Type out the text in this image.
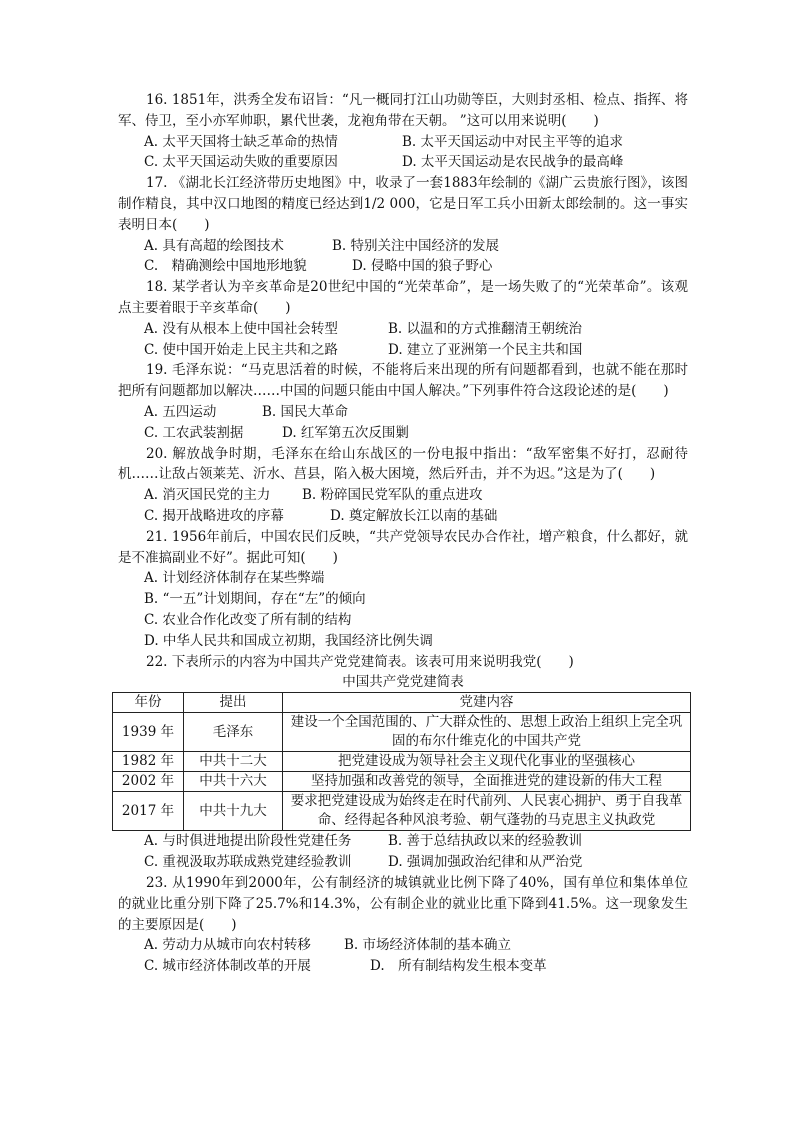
16. 1851年，洪秀全发布诏旨：“凡一概同打江山功勋等臣，大则封丞相、检点、指挥、将军、侍卫，至小亦军帅职，累代世袭，龙袍角带在天朝。 ”这可以用来说明(　　)
A. 太平天国将士缺乏革命的热情	B. 太平天国运动中对民主平等的追求
C. 太平天国运动失败的重要原因	D. 太平天国运动是农民战争的最高峰
17. 《湖北长江经济带历史地图》中，收录了一套1883年绘制的《湖广云贵旅行图》，该图制作精良，其中汉口地图的精度已经达到1/2 000，它是日军工兵小田新太郎绘制的。这一事实表明日本(　　)
A. 具有高超的绘图技术	B. 特别关注中国经济的发展
C.　精确测绘中国地形地貌	D. 侵略中国的狼子野心
18. 某学者认为辛亥革命是20世纪中国的“光荣革命”，是一场失败了的“光荣革命”。该观点主要着眼于辛亥革命(　　)
A. 没有从根本上使中国社会转型	B. 以温和的方式推翻清王朝统治
C. 使中国开始走上民主共和之路	D. 建立了亚洲第一个民主共和国
19. 毛泽东说：“马克思活着的时候，不能将后来出现的所有问题都看到，也就不能在那时把所有问题都加以解决……中国的问题只能由中国人解决。”下列事件符合这段论述的是(　　)
A. 五四运动	B. 国民大革命
C. 工农武装割据	D. 红军第五次反围剿
20. 解放战争时期，毛泽东在给山东战区的一份电报中指出：“敌军密集不好打，忍耐待机……让敌占领莱芜、沂水、莒县，陷入极大困境，然后歼击，并不为迟。”这是为了(　　)
A. 消灭国民党的主力	B. 粉碎国民党军队的重点进攻
C. 揭开战略进攻的序幕	D. 奠定解放长江以南的基础
21. 1956年前后，中国农民们反映，“共产党领导农民办合作社，增产粮食，什么都好，就是不准搞副业不好”。据此可知(　　)
A. 计划经济体制存在某些弊端
B. “一五”计划期间，存在“左”的倾向
C. 农业合作化改变了所有制的结构
D. 中华人民共和国成立初期，我国经济比例失调
22. 下表所示的内容为中国共产党党建简表。该表可用来说明我党(　　)

中国共产党党建简表

年份	提出	党建内容
1939 年	毛泽东	建设一个全国范围的、广大群众性的、思想上政治上组织上完全巩固的布尔什维克化的中国共产党
1982 年	中共十二大	把党建设成为领导社会主义现代化事业的坚强核心
2002 年	中共十六大	坚持加强和改善党的领导，全面推进党的建设新的伟大工程
2017 年	中共十九大	要求把党建设成为始终走在时代前列、人民衷心拥护、勇于自我革命、经得起各种风浪考验、朝气蓬勃的马克思主义执政党
A. 与时俱进地提出阶段性党建任务	B. 善于总结执政以来的经验教训
C. 重视汲取苏联成熟党建经验教训	D. 强调加强政治纪律和从严治党
23. 从1990年到2000年，公有制经济的城镇就业比例下降了40%，国有单位和集体单位的就业比重分别下降了25.7%和14.3%，公有制企业的就业比重下降到41.5%。这一现象发生的主要原因是(　　)
A. 劳动力从城市向农村转移	B. 市场经济体制的基本确立
C. 城市经济体制改革的开展	D.　所有制结构发生根本变革
